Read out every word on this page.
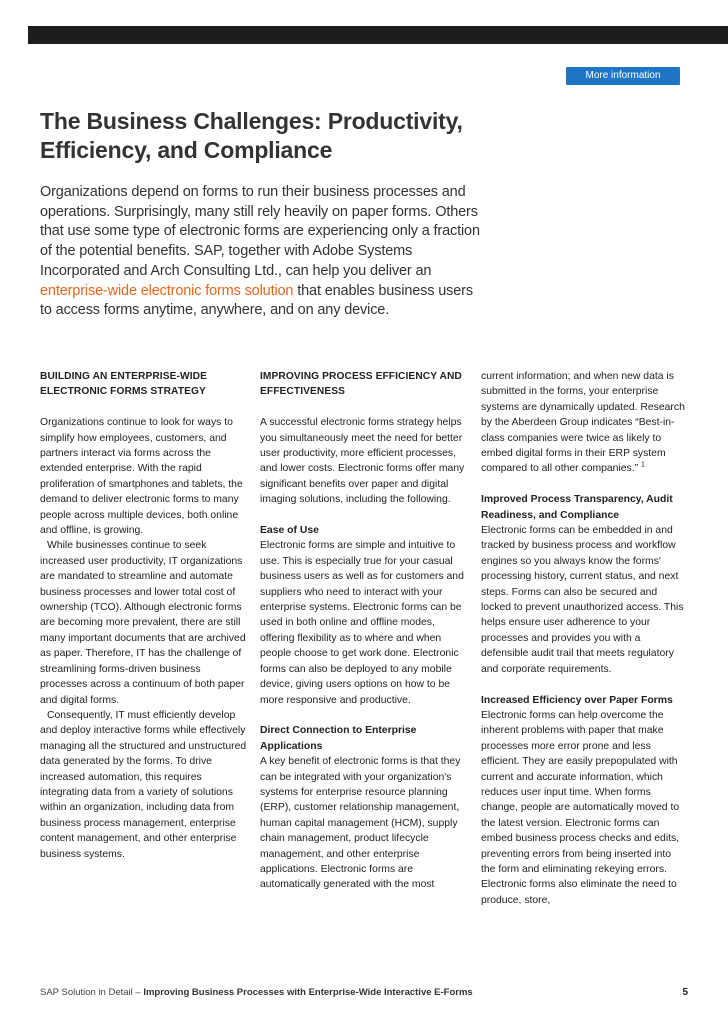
More information
The Business Challenges: Productivity,
Efficiency, and Compliance

Organizations depend on forms to run their business processes and operations. Surprisingly, many still rely heavily on paper forms. Others that use some type of electronic forms are experiencing only a fraction of the potential benefits. SAP, together with Adobe Systems Incorporated and Arch Consulting Ltd., can help you deliver an enterprise-wide electronic forms solution that enables business users to access forms anytime, anywhere, and on any device.

BUILDING AN ENTERPRISE-WIDE ELECTRONIC FORMS STRATEGY

Organizations continue to look for ways to simplify how employees, customers, and partners interact via forms across the extended enterprise. With the rapid proliferation of smartphones and tablets, the demand to deliver electronic forms to many people across multiple devices, both online and offline, is growing.

While businesses continue to seek increased user productivity, IT organizations are mandated to streamline and automate business processes and lower total cost of ownership (TCO). Although electronic forms are becoming more prevalent, there are still many important documents that are archived as paper. Therefore, IT has the challenge of streamlining forms-driven business processes across a continuum of both paper and digital forms.

Consequently, IT must efficiently develop and deploy interactive forms while effectively managing all the structured and unstructured data generated by the forms. To drive increased automation, this requires integrating data from a variety of solutions within an organization, including data from business process management, enterprise content management, and other enterprise business systems.

IMPROVING PROCESS EFFICIENCY AND EFFECTIVENESS

A successful electronic forms strategy helps you simultaneously meet the need for better user productivity, more efficient processes, and lower costs. Electronic forms offer many significant benefits over paper and digital imaging solutions, including the following.

Ease of Use

Electronic forms are simple and intuitive to use. This is especially true for your casual business users as well as for customers and suppliers who need to interact with your enterprise systems. Electronic forms can be used in both online and offline modes, offering flexibility as to where and when people choose to get work done. Electronic forms can also be deployed to any mobile device, giving users options on how to be more responsive and productive.

Direct Connection to Enterprise Applications

A key benefit of electronic forms is that they can be integrated with your organization's systems for enterprise resource planning (ERP), customer relationship management, human capital management (HCM), supply chain management, product lifecycle management, and other enterprise applications. Electronic forms are automatically generated with the most

current information; and when new data is submitted in the forms, your enterprise systems are dynamically updated. Research by the Aberdeen Group indicates “Best-in-class companies were twice as likely to embed digital forms in their ERP system compared to all other companies.” $^1$

Improved Process Transparency, Audit Readiness, and Compliance

Electronic forms can be embedded in and tracked by business process and workflow engines so you always know the forms' processing history, current status, and next steps. Forms can also be secured and locked to prevent unauthorized access. This helps ensure user adherence to your processes and provides you with a defensible audit trail that meets regulatory and corporate requirements.

Increased Efficiency over Paper Forms

Electronic forms can help overcome the inherent problems with paper that make processes more error prone and less efficient. They are easily prepopulated with current and accurate information, which reduces user input time. When forms change, people are automatically moved to the latest version. Electronic forms can embed business process checks and edits, preventing errors from being inserted into the form and eliminating rekeying errors. Electronic forms also eliminate the need to produce, store,

SAP Solution in Detail – Improving Business Processes with Enterprise-Wide Interactive E-Forms	5
